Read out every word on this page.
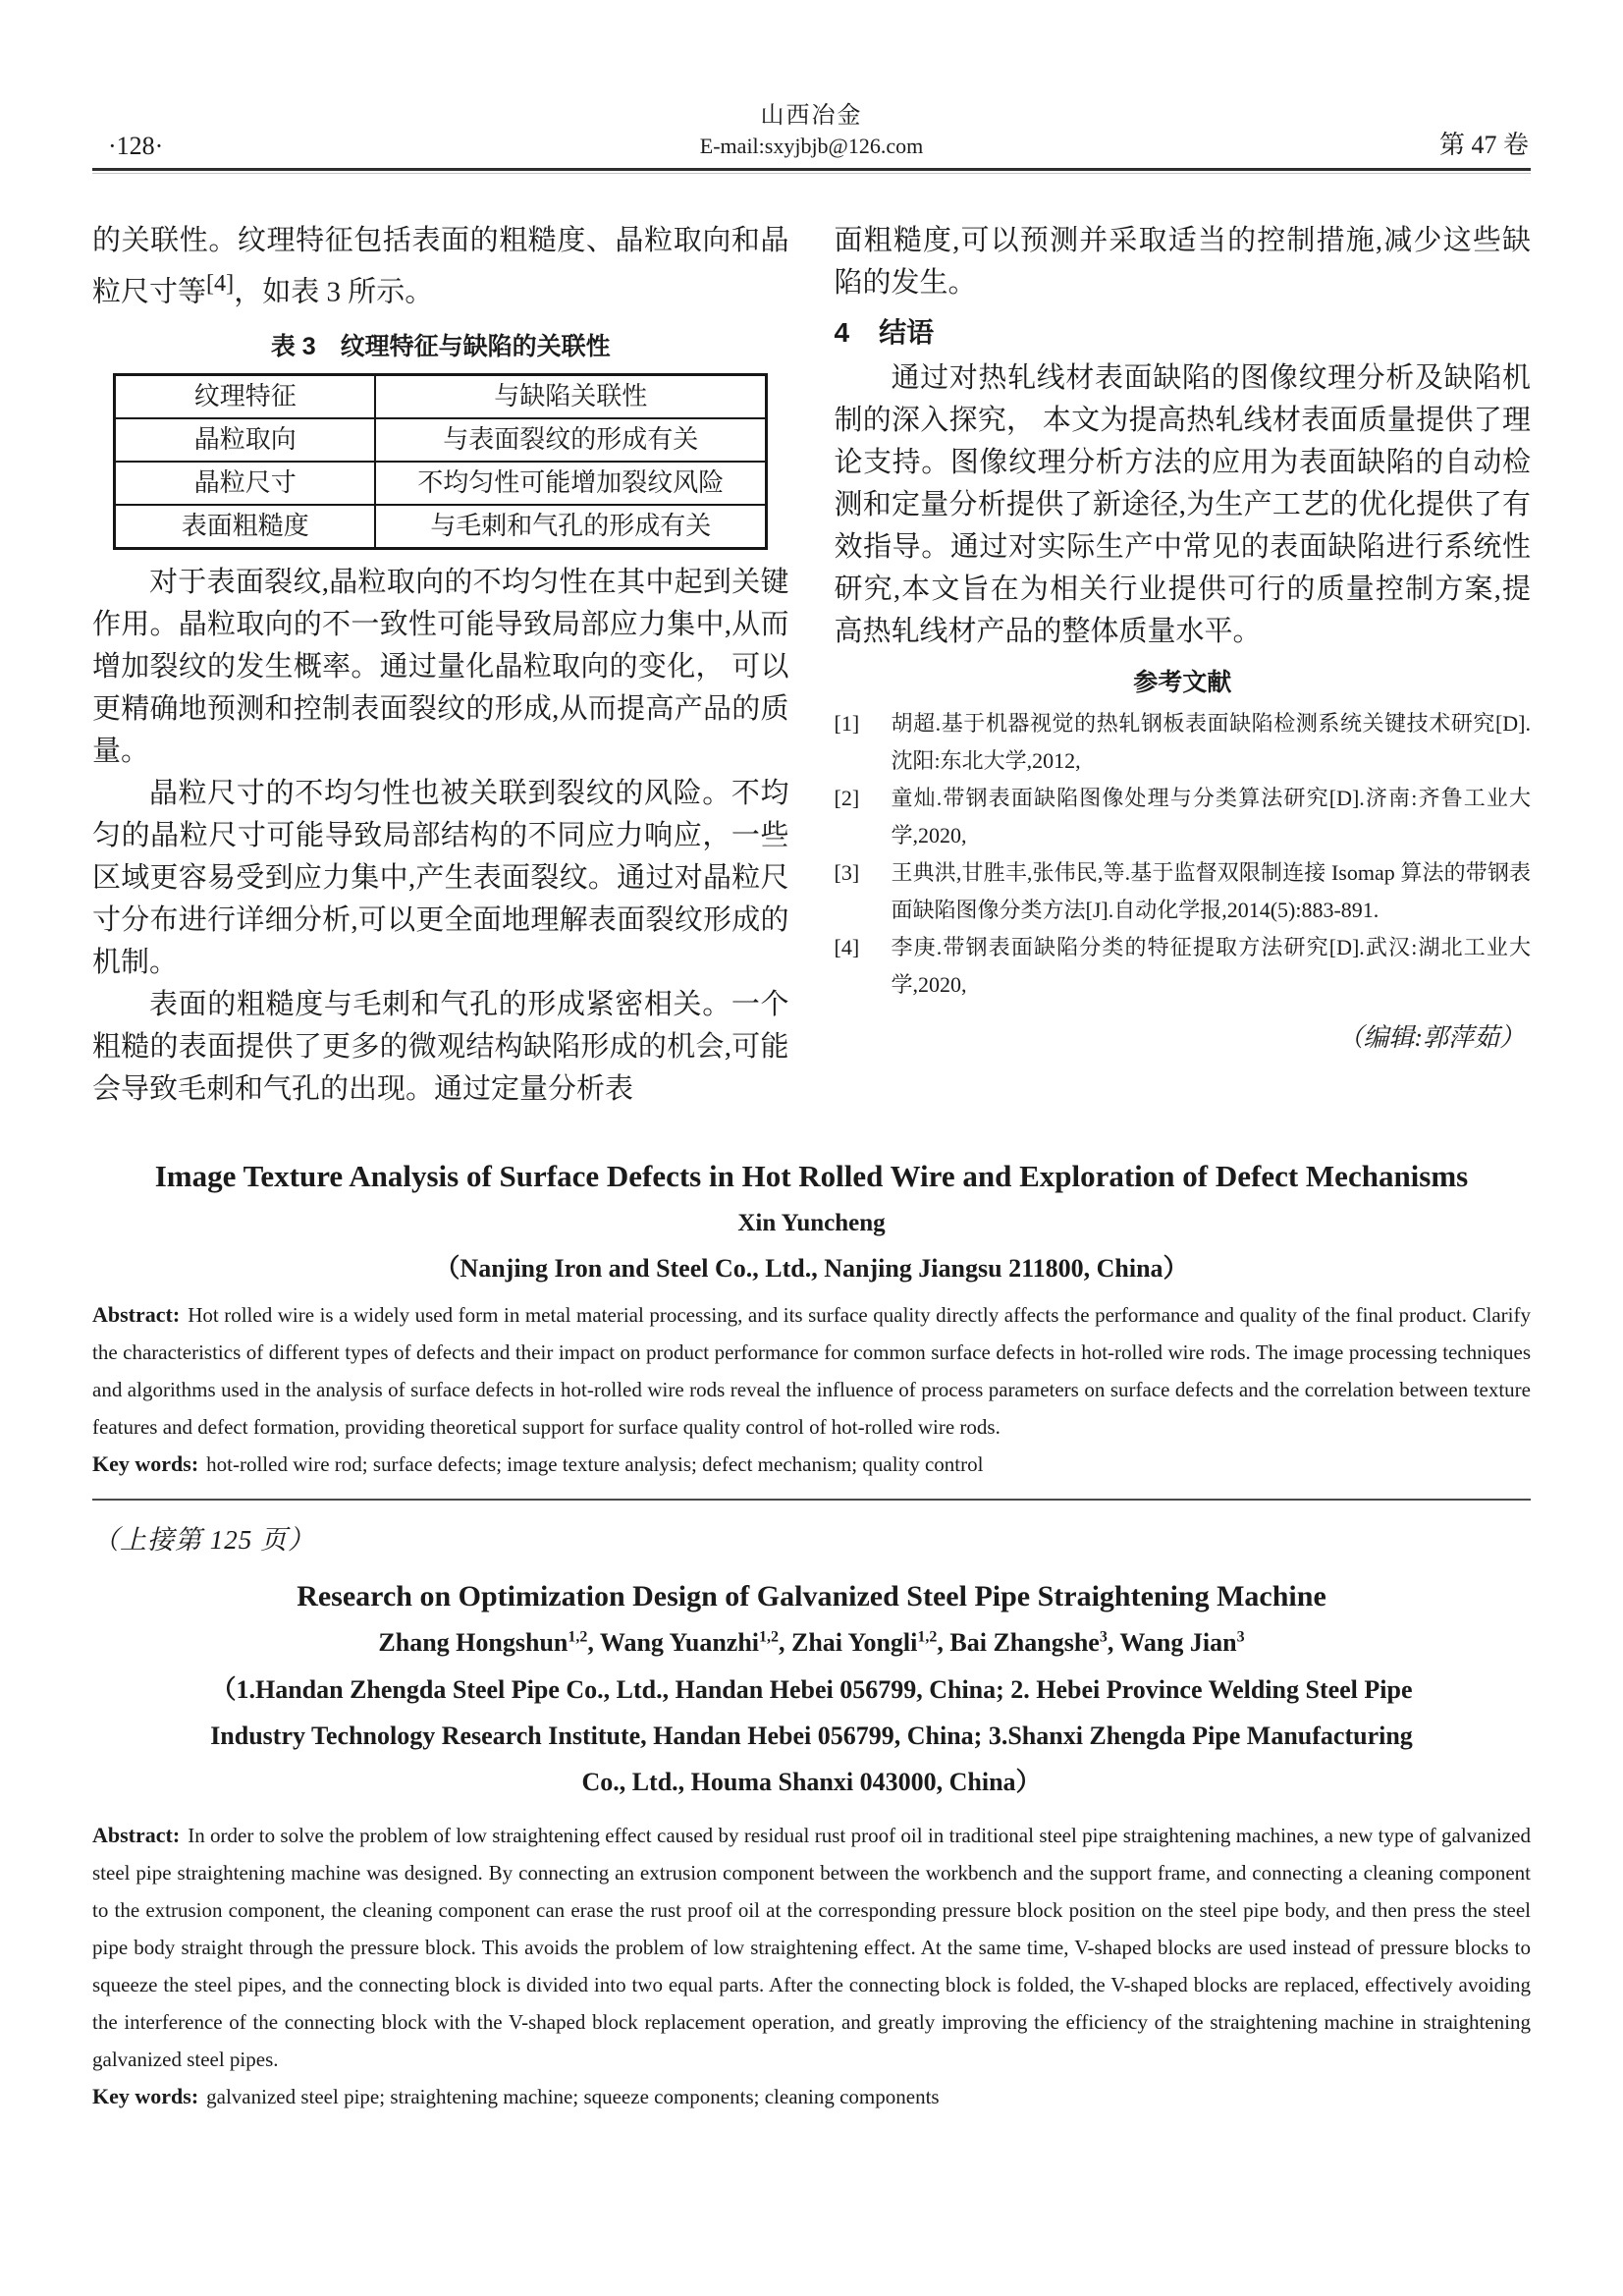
·128·
山西冶金
E-mail:sxyjbjb@126.com	第 47 卷

的关联性。纹理特征包括表面的粗糙度、晶粒取向和晶粒尺寸等[4]，如表 3 所示。

表 3　纹理特征与缺陷的关联性
纹理特征	与缺陷关联性
晶粒取向	与表面裂纹的形成有关
晶粒尺寸	不均匀性可能增加裂纹风险
表面粗糙度	与毛刺和气孔的形成有关

对于表面裂纹,晶粒取向的不均匀性在其中起到关键作用。晶粒取向的不一致性可能导致局部应力集中,从而增加裂纹的发生概率。通过量化晶粒取向的变化， 可以更精确地预测和控制表面裂纹的形成,从而提高产品的质量。

晶粒尺寸的不均匀性也被关联到裂纹的风险。不均匀的晶粒尺寸可能导致局部结构的不同应力响应，一些区域更容易受到应力集中,产生表面裂纹。通过对晶粒尺寸分布进行详细分析,可以更全面地理解表面裂纹形成的机制。

表面的粗糙度与毛刺和气孔的形成紧密相关。一个粗糙的表面提供了更多的微观结构缺陷形成的机会,可能会导致毛刺和气孔的出现。通过定量分析表

面粗糙度,可以预测并采取适当的控制措施,减少这些缺陷的发生。

4 结语

通过对热轧线材表面缺陷的图像纹理分析及缺陷机制的深入探究， 本文为提高热轧线材表面质量提供了理论支持。图像纹理分析方法的应用为表面缺陷的自动检测和定量分析提供了新途径,为生产工艺的优化提供了有效指导。通过对实际生产中常见的表面缺陷进行系统性研究,本文旨在为相关行业提供可行的质量控制方案,提高热轧线材产品的整体质量水平。

参考文献
[1]	胡超.基于机器视觉的热轧钢板表面缺陷检测系统关键技术研究[D].沈阳:东北大学,2012,
[2]	童灿.带钢表面缺陷图像处理与分类算法研究[D].济南:齐鲁工业大学,2020,
[3]	王典洪,甘胜丰,张伟民,等.基于监督双限制连接 Isomap 算法的带钢表面缺陷图像分类方法[J].自动化学报,2014(5):883-891.
[4]	李庚.带钢表面缺陷分类的特征提取方法研究[D].武汉:湖北工业大学,2020,
（编辑:郭萍茹）
Image Texture Analysis of Surface Defects in Hot Rolled Wire and Exploration of Defect Mechanisms
Xin Yuncheng
（Nanjing Iron and Steel Co., Ltd., Nanjing Jiangsu 211800, China）

Abstract: Hot rolled wire is a widely used form in metal material processing, and its surface quality directly affects the performance and quality of the final product. Clarify the characteristics of different types of defects and their impact on product performance for common surface defects in hot-rolled wire rods. The image processing techniques and algorithms used in the analysis of surface defects in hot-rolled wire rods reveal the influence of process parameters on surface defects and the correlation between texture features and defect formation, providing theoretical support for surface quality control of hot-rolled wire rods.

Key words: hot-rolled wire rod; surface defects; image texture analysis; defect mechanism; quality control

（上接第 125 页）
Research on Optimization Design of Galvanized Steel Pipe Straightening Machine
Zhang Hongshun$^{1,2}$, Wang Yuanzhi$^{1,2}$, Zhai Yongli$^{1,2}$, Bai Zhangshe$^3$, Wang Jian$^3$
（1.Handan Zhengda Steel Pipe Co., Ltd., Handan Hebei 056799, China; 2. Hebei Province Welding Steel Pipe
Industry Technology Research Institute, Handan Hebei 056799, China; 3.Shanxi Zhengda Pipe Manufacturing
Co., Ltd., Houma Shanxi 043000, China）

Abstract: In order to solve the problem of low straightening effect caused by residual rust proof oil in traditional steel pipe straightening machines, a new type of galvanized steel pipe straightening machine was designed. By connecting an extrusion component between the workbench and the support frame, and connecting a cleaning component to the extrusion component, the cleaning component can erase the rust proof oil at the corresponding pressure block position on the steel pipe body, and then press the steel pipe body straight through the pressure block. This avoids the problem of low straightening effect. At the same time, V-shaped blocks are used instead of pressure blocks to squeeze the steel pipes, and the connecting block is divided into two equal parts. After the connecting block is folded, the V-shaped blocks are replaced, effectively avoiding the interference of the connecting block with the V-shaped block replacement operation, and greatly improving the efficiency of the straightening machine in straightening galvanized steel pipes.

Key words: galvanized steel pipe; straightening machine; squeeze components; cleaning components
